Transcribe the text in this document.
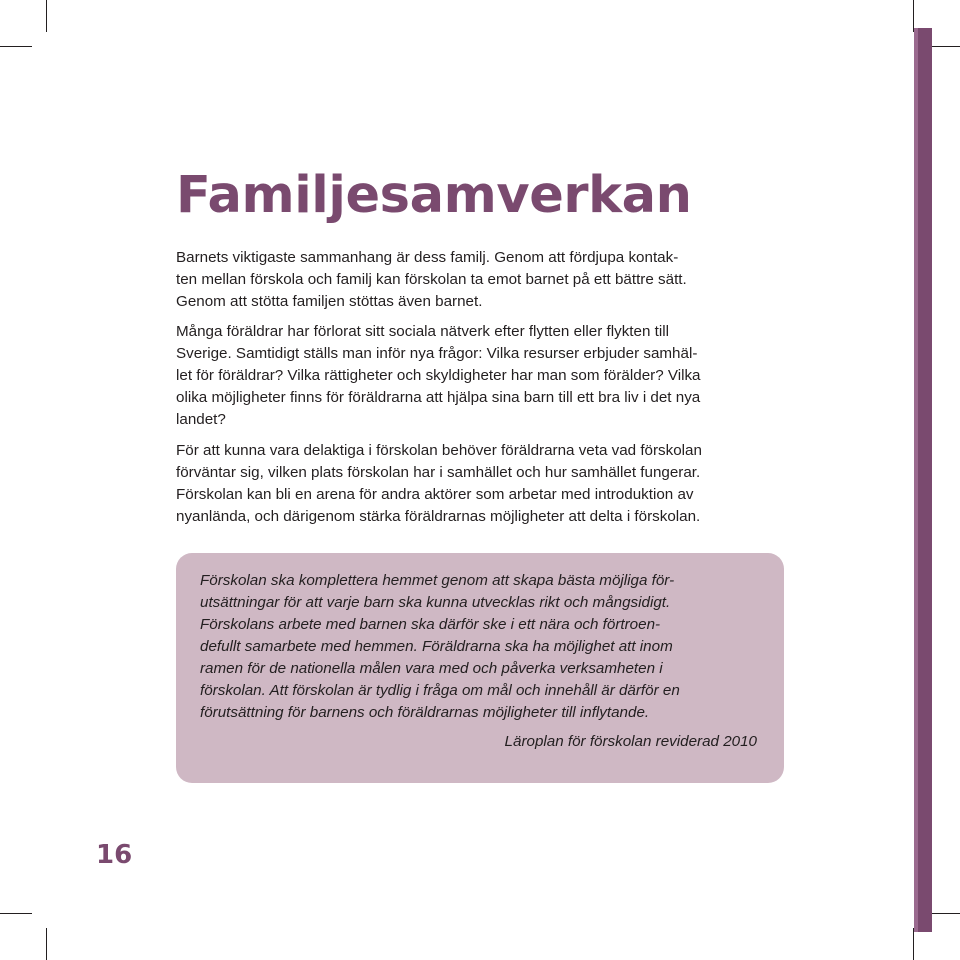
Familjesamverkan

Barnets viktigaste sammanhang är dess familj. Genom att fördjupa kontak-
ten mellan förskola och familj kan förskolan ta emot barnet på ett bättre sätt.
Genom att stötta familjen stöttas även barnet.

Många föräldrar har förlorat sitt sociala nätverk efter flytten eller flykten till
Sverige. Samtidigt ställs man inför nya frågor: Vilka resurser erbjuder samhäl-
let för föräldrar? Vilka rättigheter och skyldigheter har man som förälder? Vilka
olika möjligheter finns för föräldrarna att hjälpa sina barn till ett bra liv i det nya
landet?

För att kunna vara delaktiga i förskolan behöver föräldrarna veta vad förskolan
förväntar sig, vilken plats förskolan har i samhället och hur samhället fungerar.
Förskolan kan bli en arena för andra aktörer som arbetar med introduktion av
nyanlända, och därigenom stärka föräldrarnas möjligheter att delta i förskolan.

Förskolan ska komplettera hemmet genom att skapa bästa möjliga för-
utsättningar för att varje barn ska kunna utvecklas rikt och mångsidigt.
Förskolans arbete med barnen ska därför ske i ett nära och förtroen-
defullt samarbete med hemmen. Föräldrarna ska ha möjlighet att inom
ramen för de nationella målen vara med och påverka verksamheten i
förskolan. Att förskolan är tydlig i fråga om mål och innehåll är därför en
förutsättning för barnens och föräldrarnas möjligheter till inflytande.

Läroplan för förskolan reviderad 2010

16
